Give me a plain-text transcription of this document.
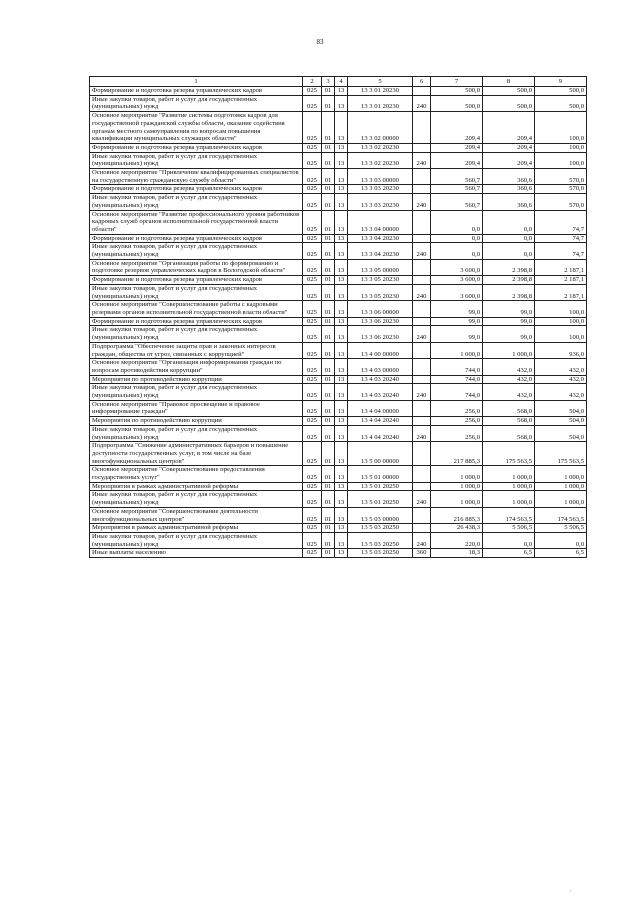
83
1	2	3	4	5	6	7	8	9
Формирование и подготовка резерва управленческих кадров	025	01	13	13 3 01 20230		500,0	500,0	500,0
Иные закупки товаров, работ и услуг для государственных (муниципальных) нужд	025	01	13	13 3 01 20230	240	500,0	500,0	500,0
Основное мероприятие "Развитие системы подготовки кадров для государственной гражданской службы области, оказание содействия органам местного самоуправления по вопросам повышения квалификации муниципальных служащих области"	025	01	13	13 3 02 00000		209,4	209,4	100,0
Формирование и подготовка резерва управленческих кадров	025	01	13	13 3 02 20230		209,4	209,4	100,0
Иные закупки товаров, работ и услуг для государственных (муниципальных) нужд	025	01	13	13 3 02 20230	240	209,4	209,4	100,0
Основное мероприятие "Привлечение квалифицированных специалистов на государственную гражданскую службу области"	025	01	13	13 3 03 00000		560,7	360,6	570,0
Формирование и подготовка резерва управленческих кадров	025	01	13	13 3 03 20230		560,7	360,6	570,0
Иные закупки товаров, работ и услуг для государственных (муниципальных) нужд	025	01	13	13 3 03 20230	240	560,7	360,6	570,0
Основное мероприятие "Развитие профессионального уровня работников кадровых служб органов исполнительной государственной власти области"	025	01	13	13 3 04 00000		0,0	0,0	74,7
Формирование и подготовка резерва управленческих кадров	025	01	13	13 3 04 20230		0,0	0,0	74,7
Иные закупки товаров, работ и услуг для государственных (муниципальных) нужд	025	01	13	13 3 04 20230	240	0,0	0,0	74,7
Основное мероприятие "Организация работы по формированию и подготовке резервов управленческих кадров в Вологодской области"	025	01	13	13 3 05 00000		3 600,0	2 398,8	2 187,1
Формирование и подготовка резерва управленческих кадров	025	01	13	13 3 05 20230		3 600,0	2 398,8	2 187,1
Иные закупки товаров, работ и услуг для государственных (муниципальных) нужд	025	01	13	13 3 05 20230	240	3 600,0	2 398,8	2 187,1
Основное мероприятие "Совершенствование работы с кадровыми резервами органов исполнительной государственной власти области"	025	01	13	13 3 06 00000		99,0	99,0	100,0
Формирование и подготовка резерва управленческих кадров	025	01	13	13 3 06 20230		99,0	99,0	100,0
Иные закупки товаров, работ и услуг для государственных (муниципальных) нужд	025	01	13	13 3 06 20230	240	99,0	99,0	100,0
Подпрограмма "Обеспечение защиты прав и законных интересов граждан, общества от угроз, связанных с коррупцией"	025	01	13	13 4 00 00000		1 000,0	1 000,0	936,0
Основное мероприятие "Организация информирования граждан по вопросам противодействия коррупции"	025	01	13	13 4 03 00000		744,0	432,0	432,0
Мероприятия по противодействию коррупции	025	01	13	13 4 03 20240		744,0	432,0	432,0
Иные закупки товаров, работ и услуг для государственных (муниципальных) нужд	025	01	13	13 4 03 20240	240	744,0	432,0	432,0
Основное мероприятие "Правовое просвещение и правовое информирование граждан"	025	01	13	13 4 04 00000		256,0	568,0	504,0
Мероприятия по противодействию коррупции	025	01	13	13 4 04 20240		256,0	568,0	504,0
Иные закупки товаров, работ и услуг для государственных (муниципальных) нужд	025	01	13	13 4 04 20240	240	256,0	568,0	504,0
Подпрограмма "Снижение административных барьеров и повышение доступности государственных услуг, в том числе на базе многофункциональных центров"	025	01	13	13 5 00 00000		217 885,3	175 563,5	175 563,5
Основное мероприятие "Совершенствование предоставления государственных услуг"	025	01	13	13 5 01 00000		1 000,0	1 000,0	1 000,0
Мероприятия в рамках административной реформы	025	01	13	13 5 01 20250		1 000,0	1 000,0	1 000,0
Иные закупки товаров, работ и услуг для государственных (муниципальных) нужд	025	01	13	13 5 01 20250	240	1 000,0	1 000,0	1 000,0
Основное мероприятие "Совершенствование деятельности многофункциональных центров"	025	01	13	13 5 03 00000		216 885,3	174 563,5	174 563,5
Мероприятия в рамках административной реформы	025	01	13	13 5 03 20250		26 438,3	5 506,5	5 506,5
Иные закупки товаров, работ и услуг для государственных (муниципальных) нужд	025	01	13	13 5 03 20250	240	220,0	0,0	0,0
Иные выплаты населению	025	01	13	13 5 03 20250	360	18,3	6,5	6,5
'
